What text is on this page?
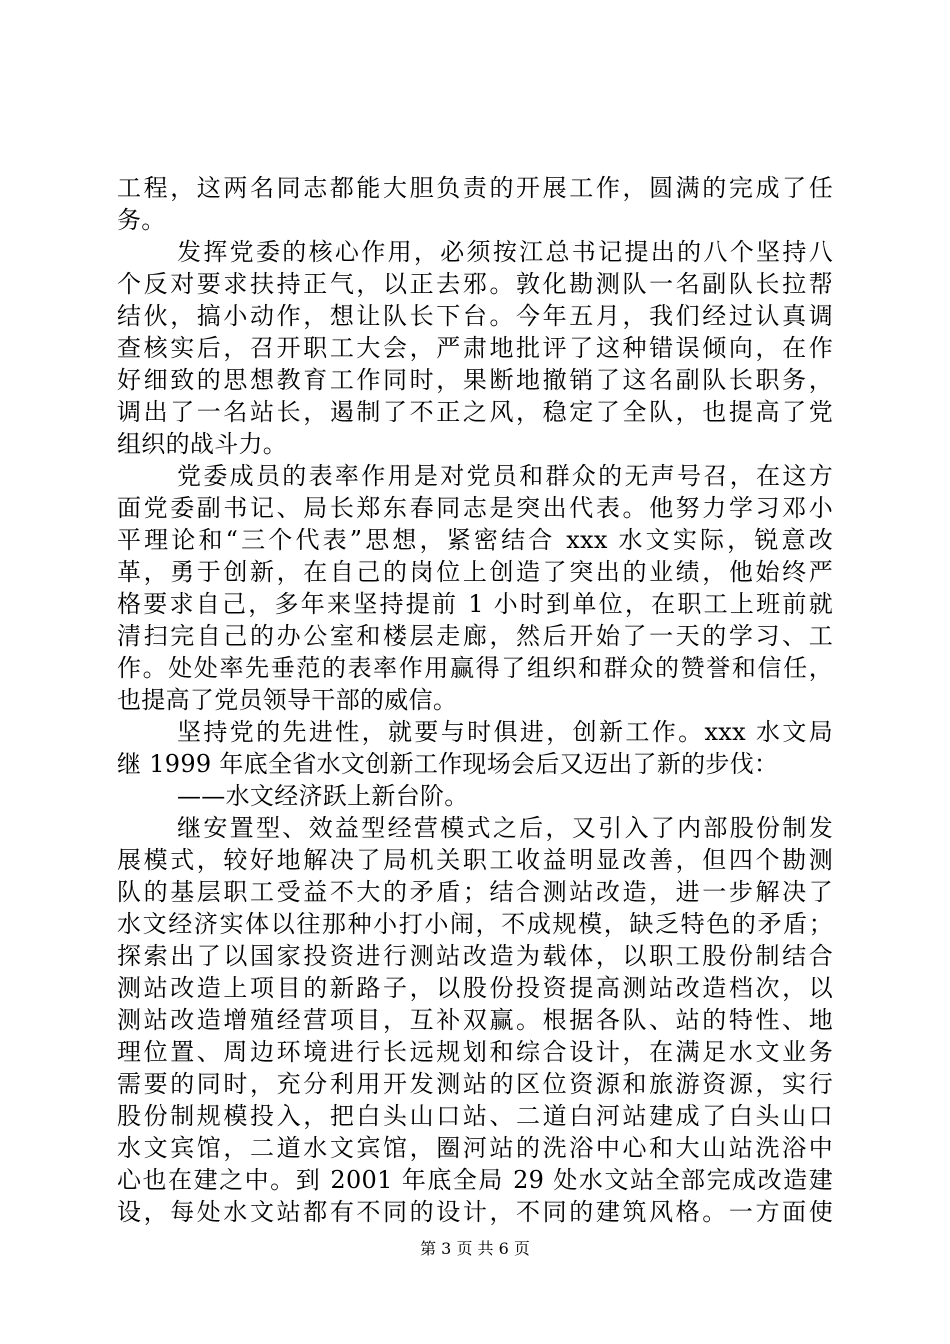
工程，这两名同志都能大胆负责的开展工作，圆满的完成了任
务。
发挥党委的核心作用，必须按江总书记提出的八个坚持八
个反对要求扶持正气，以正去邪。敦化勘测队一名副队长拉帮
结伙，搞小动作，想让队长下台。今年五月，我们经过认真调
查核实后，召开职工大会，严肃地批评了这种错误倾向，在作
好细致的思想教育工作同时，果断地撤销了这名副队长职务，
调出了一名站长，遏制了不正之风，稳定了全队，也提高了党
组织的战斗力。
党委成员的表率作用是对党员和群众的无声号召，在这方
面党委副书记、局长郑东春同志是突出代表。他努力学习邓小
平理论和“三个代表”思想，紧密结合 xxx 水文实际，锐意改
革，勇于创新，在自己的岗位上创造了突出的业绩，他始终严
格要求自己，多年来坚持提前 1 小时到单位，在职工上班前就
清扫完自己的办公室和楼层走廊，然后开始了一天的学习、工
作。处处率先垂范的表率作用赢得了组织和群众的赞誉和信任，
也提高了党员领导干部的威信。
坚持党的先进性，就要与时俱进，创新工作。xxx 水文局
继 1999 年底全省水文创新工作现场会后又迈出了新的步伐：
——水文经济跃上新台阶。
继安置型、效益型经营模式之后，又引入了内部股份制发
展模式，较好地解决了局机关职工收益明显改善，但四个勘测
队的基层职工受益不大的矛盾；结合测站改造，进一步解决了
水文经济实体以往那种小打小闹，不成规模，缺乏特色的矛盾；
探索出了以国家投资进行测站改造为载体，以职工股份制结合
测站改造上项目的新路子，以股份投资提高测站改造档次，以
测站改造增殖经营项目，互补双赢。根据各队、站的特性、地
理位置、周边环境进行长远规划和综合设计，在满足水文业务
需要的同时，充分利用开发测站的区位资源和旅游资源，实行
股份制规模投入，把白头山口站、二道白河站建成了白头山口
水文宾馆，二道水文宾馆，圈河站的洗浴中心和大山站洗浴中
心也在建之中。到 2001 年底全局 29 处水文站全部完成改造建
设，每处水文站都有不同的设计，不同的建筑风格。一方面使
第 3 页 共 6 页
